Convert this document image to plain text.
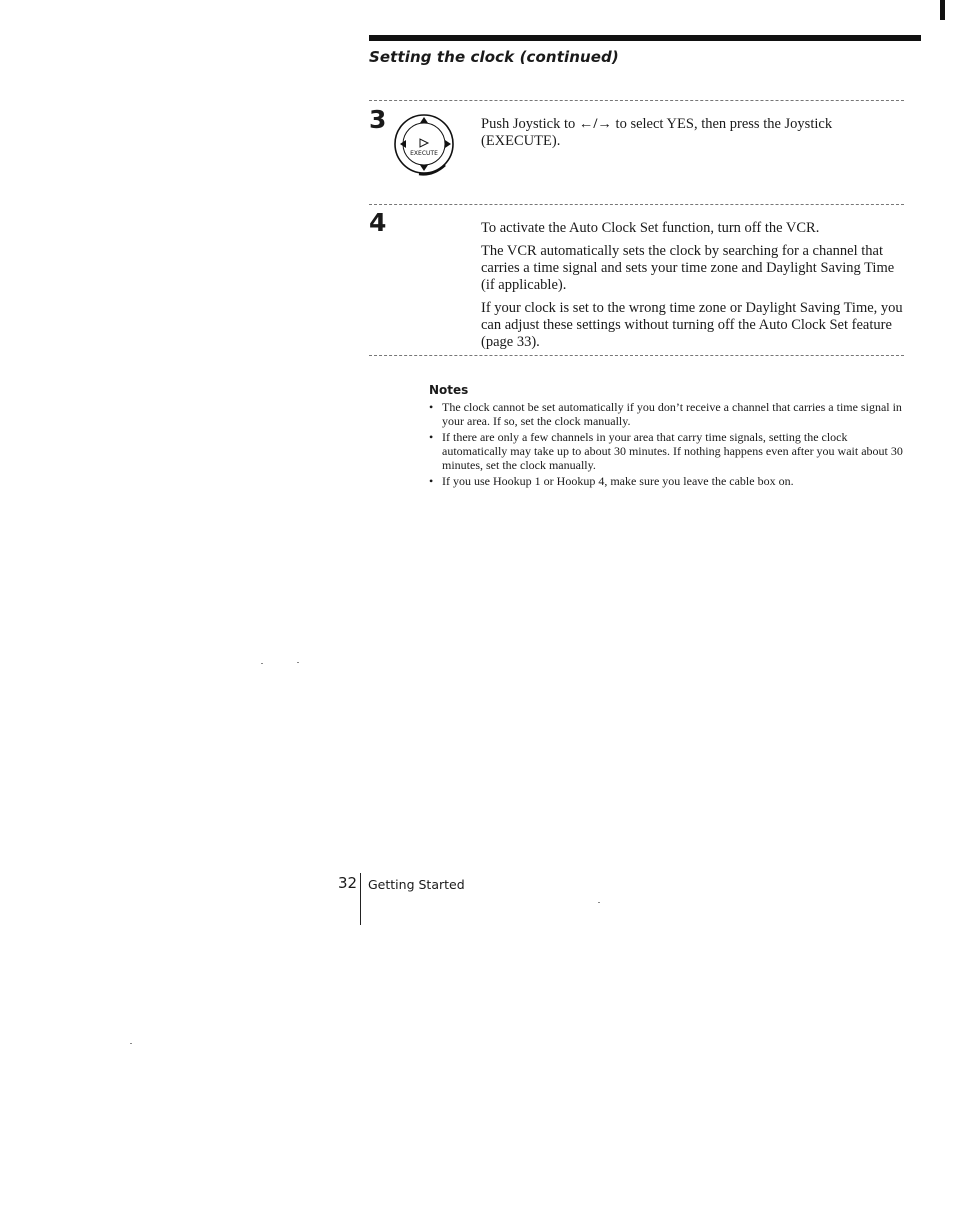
Setting the clock (continued)
3
EXECUTE
Push Joystick to ←/→ to select YES, then press the Joystick (EXECUTE).
4	To activate the Auto Clock Set function, turn off the VCR.

The VCR automatically sets the clock by searching for a channel that carries a time signal and sets your time zone and Daylight Saving Time (if applicable).

If your clock is set to the wrong time zone or Daylight Saving Time, you can adjust these settings without turning off the Auto Clock Set feature (page 33).

Notes
• The clock cannot be set automatically if you don’t receive a channel that carries a time signal in your area. If so, set the clock manually.
• If there are only a few channels in your area that carry time signals, setting the clock automatically may take up to about 30 minutes. If nothing happens even after you wait about 30 minutes, set the clock manually.
• If you use Hookup 1 or Hookup 4, make sure you leave the cable box on.
32 Getting Started
